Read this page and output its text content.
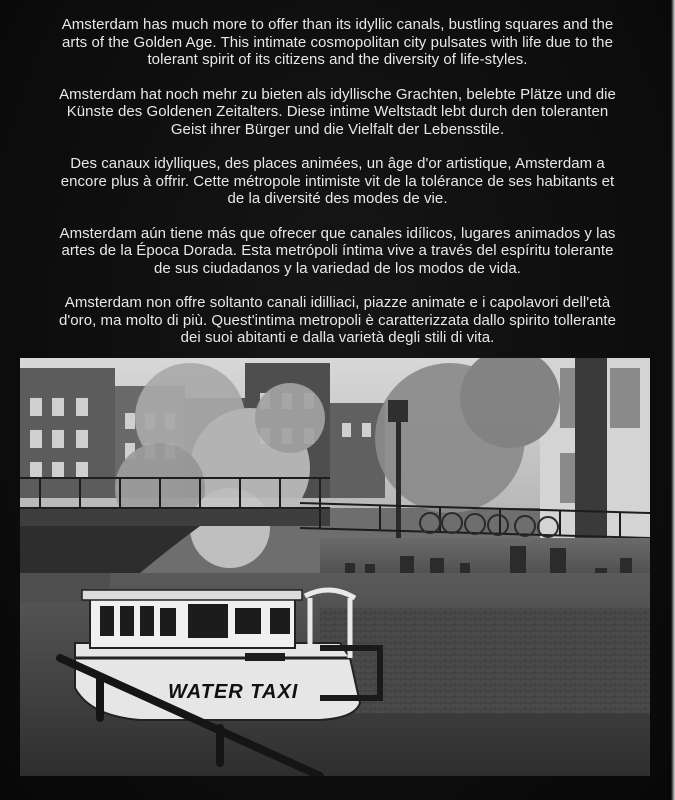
Amsterdam has much more to offer than its idyllic canals, bustling squares and the
arts of the Golden Age. This intimate cosmopolitan city pulsates with life due to the
tolerant spirit of its citizens and the diversity of life-styles.

Amsterdam hat noch mehr zu bieten als idyllische Grachten, belebte Plätze und die
Künste des Goldenen Zeitalters. Diese intime Weltstadt lebt durch den toleranten
Geist ihrer Bürger und die Vielfalt der Lebensstile.

Des canaux idylliques, des places animées, un âge d'or artistique, Amsterdam a
encore plus à offrir. Cette métropole intimiste vit de la tolérance de ses habitants et
de la diversité des modes de vie.

Amsterdam aún tiene más que ofrecer que canales idílicos, lugares animados y las
artes de la Época Dorada. Esta metrópoli íntima vive a través del espíritu tolerante
de sus ciudadanos y la variedad de los modos de vida.

Amsterdam non offre soltanto canali idilliaci, piazze animate e i capolavori dell'età
d'oro, ma molto di più. Quest'intima metropoli è caratterizzata dallo spirito tollerante
dei suoi abitanti e dalla varietà degli stili di vita.

WATER TAXI
